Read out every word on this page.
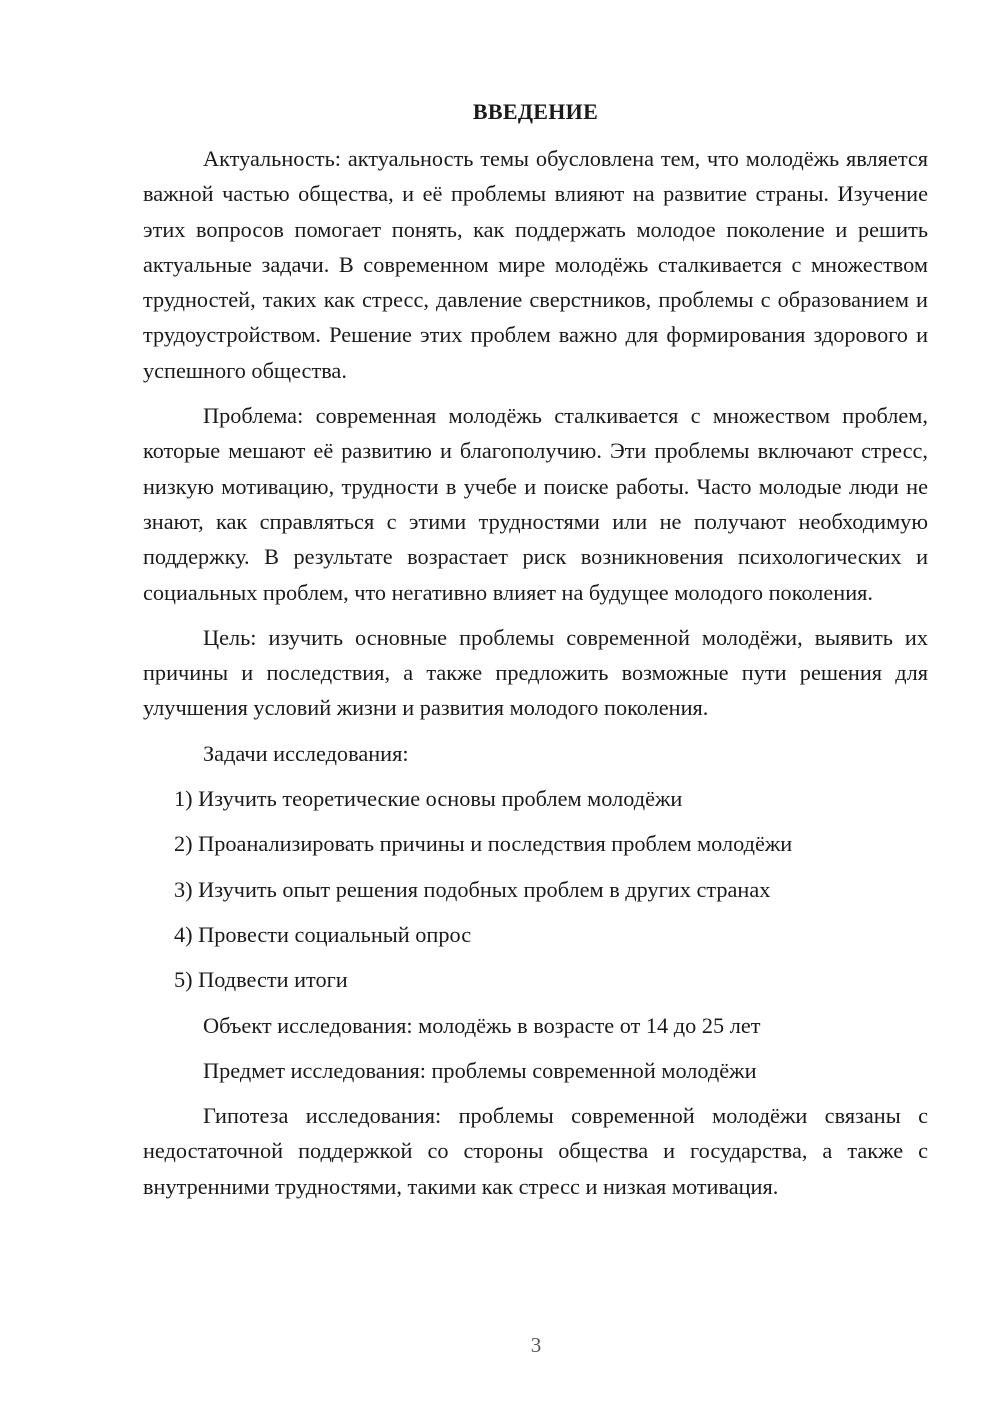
ВВЕДЕНИЕ

Актуальность: актуальность темы обусловлена тем, что молодёжь является важной частью общества, и её проблемы влияют на развитие страны. Изучение этих вопросов помогает понять, как поддержать молодое поколение и решить актуальные задачи. В современном мире молодёжь сталкивается с множеством трудностей, таких как стресс, давление сверстников, проблемы с образованием и трудоустройством. Решение этих проблем важно для формирования здорового и успешного общества.

Проблема: современная молодёжь сталкивается с множеством проблем, которые мешают её развитию и благополучию. Эти проблемы включают стресс, низкую мотивацию, трудности в учебе и поиске работы. Часто молодые люди не знают, как справляться с этими трудностями или не получают необходимую поддержку. В результате возрастает риск возникновения психологических и социальных проблем, что негативно влияет на будущее молодого поколения.

Цель: изучить основные проблемы современной молодёжи, выявить их причины и последствия, а также предложить возможные пути решения для улучшения условий жизни и развития молодого поколения.

Задачи исследования:

1) Изучить теоретические основы проблем молодёжи
2) Проанализировать причины и последствия проблем молодёжи
3) Изучить опыт решения подобных проблем в других странах
4) Провести социальный опрос
5) Подвести итоги

Объект исследования: молодёжь в возрасте от 14 до 25 лет

Предмет исследования: проблемы современной молодёжи

Гипотеза исследования: проблемы современной молодёжи связаны с недостаточной поддержкой со стороны общества и государства, а также с внутренними трудностями, такими как стресс и низкая мотивация.

3
